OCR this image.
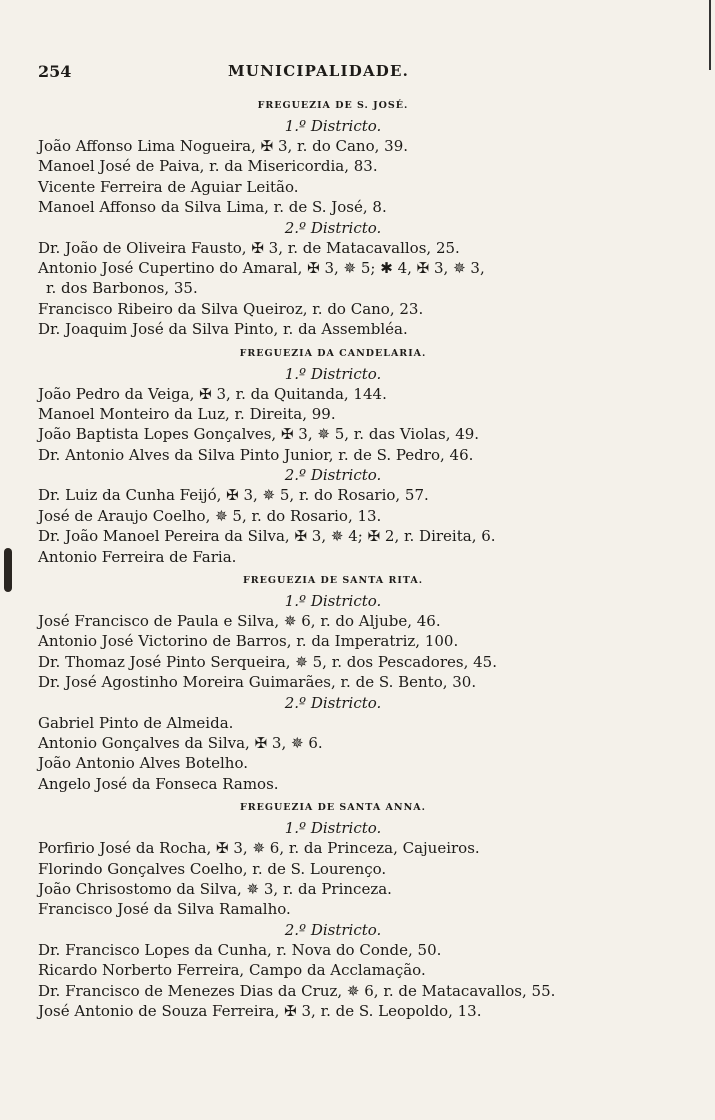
254	MUNICIPALIDADE.
FREGUEZIA DE S. JOSÉ.
1.º Districto.
João Affonso Lima Nogueira, ✠ 3, r. do Cano, 39.
Manoel José de Paiva, r. da Misericordia, 83.
Vicente Ferreira de Aguiar Leitão.
Manoel Affonso da Silva Lima, r. de S. José, 8.
2.º Districto.
Dr. João de Oliveira Fausto, ✠ 3, r. de Matacavallos, 25.
Antonio José Cupertino do Amaral, ✠ 3, ✵ 5; ✱ 4, ✠ 3, ✵ 3,
r. dos Barbonos, 35.
Francisco Ribeiro da Silva Queiroz, r. do Cano, 23.
Dr. Joaquim José da Silva Pinto, r. da Assembléa.
FREGUEZIA DA CANDELARIA.
1.º Districto.
João Pedro da Veiga, ✠ 3, r. da Quitanda, 144.
Manoel Monteiro da Luz, r. Direita, 99.
João Baptista Lopes Gonçalves, ✠ 3, ✵ 5, r. das Violas, 49.
Dr. Antonio Alves da Silva Pinto Junior, r. de S. Pedro, 46.
2.º Districto.
Dr. Luiz da Cunha Feijó, ✠ 3, ✵ 5, r. do Rosario, 57.
José de Araujo Coelho, ✵ 5, r. do Rosario, 13.
Dr. João Manoel Pereira da Silva, ✠ 3, ✵ 4; ✠ 2, r. Direita, 6.
Antonio Ferreira de Faria.
FREGUEZIA DE SANTA RITA.
1.º Districto.
José Francisco de Paula e Silva, ✵ 6, r. do Aljube, 46.
Antonio José Victorino de Barros, r. da Imperatriz, 100.
Dr. Thomaz José Pinto Serqueira, ✵ 5, r. dos Pescadores, 45.
Dr. José Agostinho Moreira Guimarães, r. de S. Bento, 30.
2.º Districto.
Gabriel Pinto de Almeida.
Antonio Gonçalves da Silva, ✠ 3, ✵ 6.
João Antonio Alves Botelho.
Angelo José da Fonseca Ramos.
FREGUEZIA DE SANTA ANNA.
1.º Districto.
Porfirio José da Rocha, ✠ 3, ✵ 6, r. da Princeza, Cajueiros.
Florindo Gonçalves Coelho, r. de S. Lourenço.
João Chrisostomo da Silva, ✵ 3, r. da Princeza.
Francisco José da Silva Ramalho.
2.º Districto.
Dr. Francisco Lopes da Cunha, r. Nova do Conde, 50.
Ricardo Norberto Ferreira, Campo da Acclamação.
Dr. Francisco de Menezes Dias da Cruz, ✵ 6, r. de Matacavallos, 55.
José Antonio de Souza Ferreira, ✠ 3, r. de S. Leopoldo, 13.
